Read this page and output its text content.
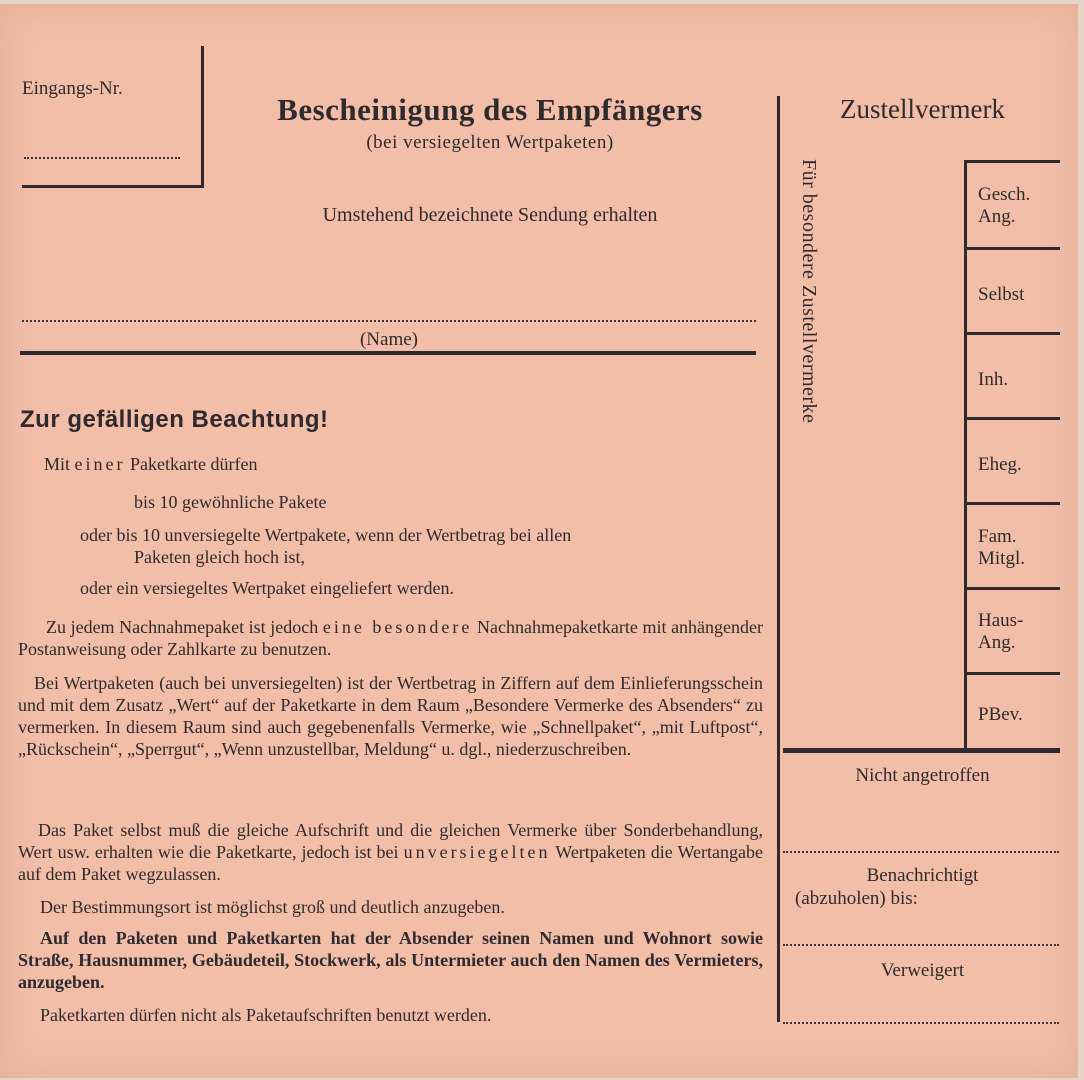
Eingangs-Nr.
Bescheinigung des Empfängers
(bei versiegelten Wertpaketen)
Umstehend bezeichnete Sendung erhalten
(Name)
Zur gefälligen Beachtung!

Mit einer Paketkarte dürfen

bis 10 gewöhnliche Pakete

oder bis 10 unversiegelte Wertpakete, wenn der Wertbetrag bei allen

Paketen gleich hoch ist,

oder ein versiegeltes Wertpaket eingeliefert werden.

Zu jedem Nachnahmepaket ist jedoch eine besondere Nachnahmepaketkarte mit anhängender Postanweisung oder Zahlkarte zu benutzen.

Bei Wertpaketen (auch bei unversiegelten) ist der Wertbetrag in Ziffern auf dem Einlieferungsschein und mit dem Zusatz „Wert“ auf der Paketkarte in dem Raum „Besondere Vermerke des Absenders“ zu vermerken. In diesem Raum sind auch gegebenenfalls Vermerke, wie „Schnellpaket“, „mit Luftpost“, „Rückschein“, „Sperrgut“, „Wenn unzustellbar, Meldung“ u. dgl., niederzuschreiben.

Das Paket selbst muß die gleiche Aufschrift und die gleichen Vermerke über Sonderbehandlung, Wert usw. erhalten wie die Paketkarte, jedoch ist bei unversiegelten Wertpaketen die Wertangabe auf dem Paket wegzulassen.

Der Bestimmungsort ist möglichst groß und deutlich anzugeben.

Auf den Paketen und Paketkarten hat der Absender seinen Namen und Wohnort sowie Straße, Hausnummer, Gebäudeteil, Stockwerk, als Untermieter auch den Namen des Vermieters, anzugeben.

Paketkarten dürfen nicht als Paketaufschriften benutzt werden.

Zustellvermerk
Für besondere Zustellvermerke	Gesch.
Ang.
Selbst
Inh.
Eheg.
Fam.
Mitgl.
Haus-
Ang.
PBev.
Nicht angetroffen
Benachrichtigt
(abzuholen) bis:
Verweigert
